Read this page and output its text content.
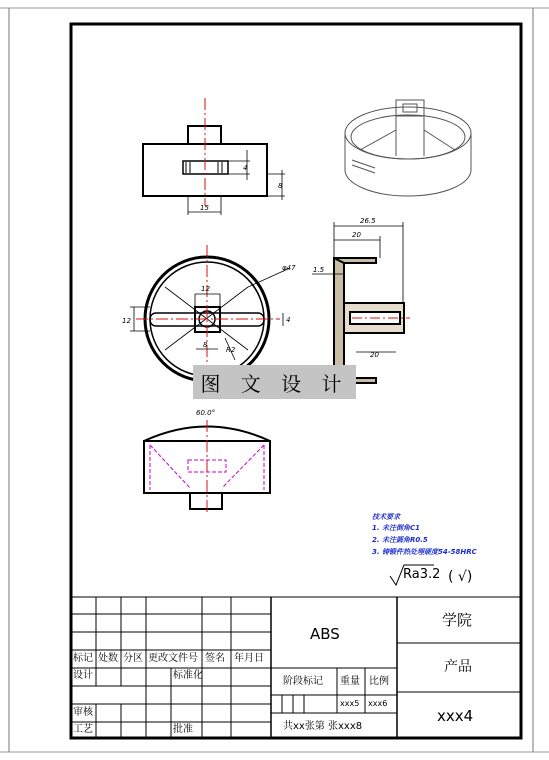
15
4
8
φ47
12
12	4
8
R2
26.5
20
1.5
20
60.0°
图 文 设 计
技术要求
1. 未注倒角C1
2. 未注圆角R0.5
3. 铸锻件热处理硬度54-58HRC
Ra3.2 ( √)
标记 处数 分区 更改文件号 签名 年月日
设计	标准化
审核
工艺	批准
ABS
阶段标记 重量 比例
xxx5 xxx6
共xx张第 张xxx8
学院
产品
xxx4
